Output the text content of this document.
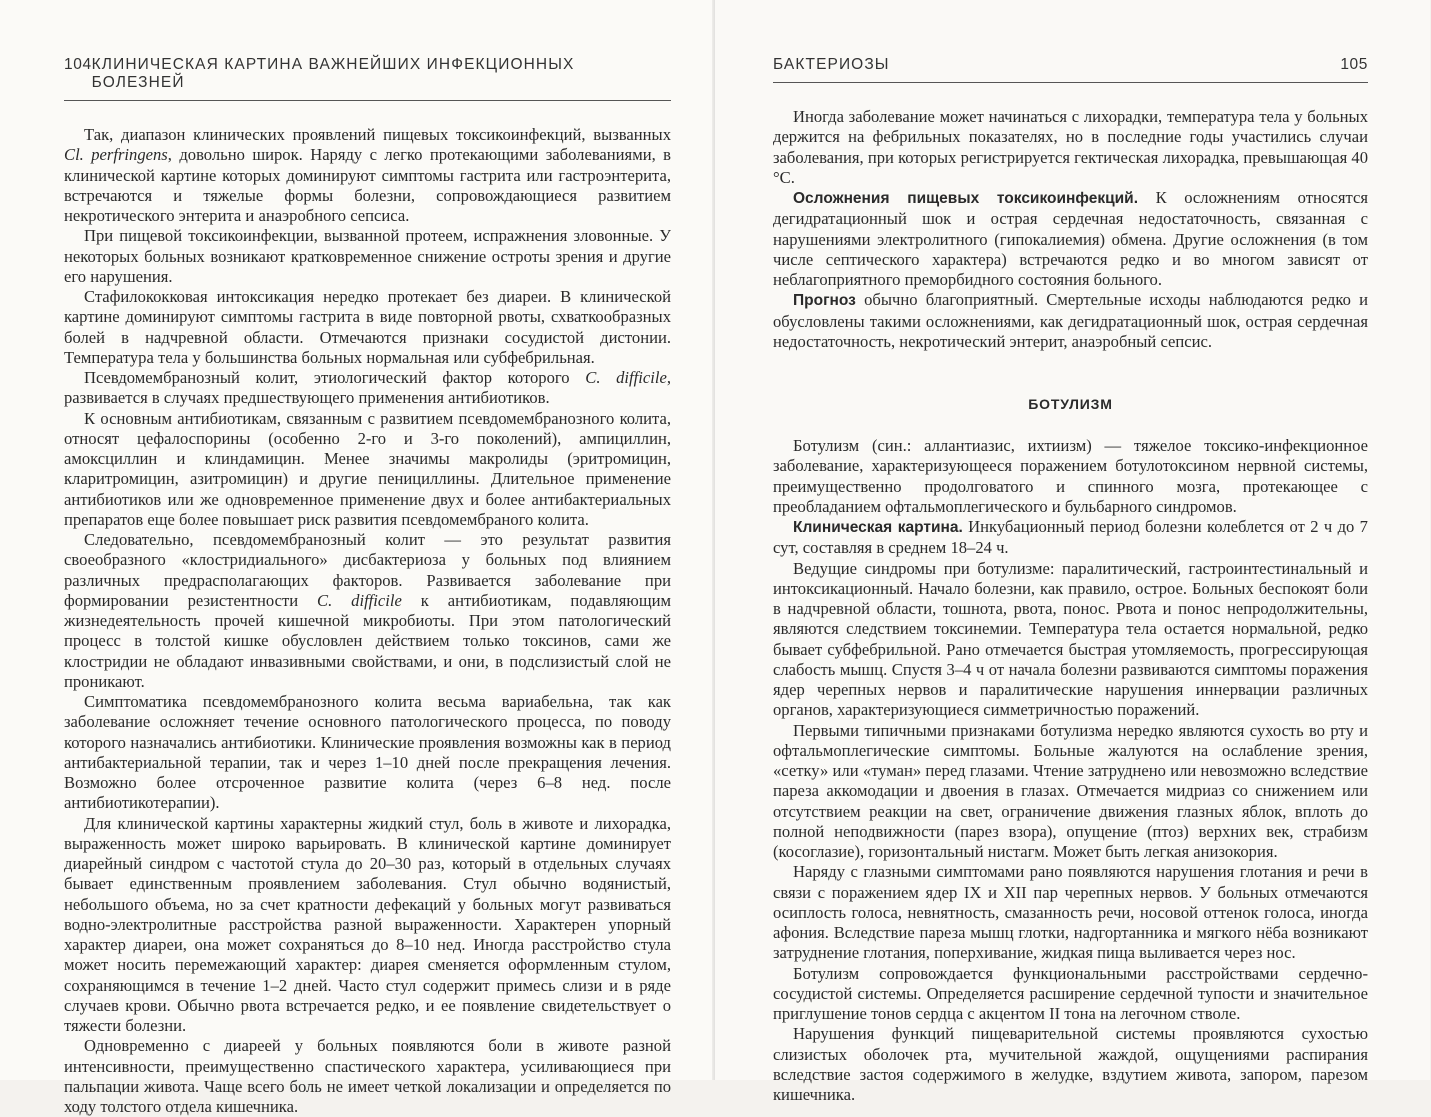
104 КЛИНИЧЕСКАЯ КАРТИНА ВАЖНЕЙШИХ ИНФЕКЦИОННЫХ БОЛЕЗНЕЙ

Так, диапазон клинических проявлений пищевых токсикоинфекций, вызванных Cl. perfringens, довольно широк. Наряду с легко протекающими заболеваниями, в клинической картине которых доминируют симптомы гастрита или гастроэнтерита, встречаются и тяжелые формы болезни, сопровождающиеся развитием некротического энтерита и анаэробного сепсиса.

При пищевой токсикоинфекции, вызванной протеем, испражнения зловонные. У некоторых больных возникают кратковременное снижение остроты зрения и другие его нарушения.

Стафилококковая интоксикация нередко протекает без диареи. В клинической картине доминируют симптомы гастрита в виде повторной рвоты, схваткообразных болей в надчревной области. Отмечаются признаки сосудистой дистонии. Температура тела у большинства больных нормальная или субфебрильная.

Псевдомембранозный колит, этиологический фактор которого C. difficile, развивается в случаях предшествующего применения антибиотиков.

К основным антибиотикам, связанным с развитием псевдомембранозного колита, относят цефалоспорины (особенно 2-го и 3-го поколений), ампициллин, амоксциллин и клиндамицин. Менее значимы макролиды (эритромицин, кларитромицин, азитромицин) и другие пенициллины. Длительное применение антибиотиков или же одновременное применение двух и более антибактериальных препаратов еще более повышает риск развития псевдомембраного колита.

Следовательно, псевдомембранозный колит — это результат развития своеобразного «клостридиального» дисбактериоза у больных под влиянием различных предрасполагающих факторов. Развивается заболевание при формировании резистентности C. difficile к антибиотикам, подавляющим жизнедеятельность прочей кишечной микробиоты. При этом патологический процесс в толстой кишке обусловлен действием только токсинов, сами же клостридии не обладают инвазивными свойствами, и они, в подслизистый слой не проникают.

Симптоматика псевдомембранозного колита весьма вариабельна, так как заболевание осложняет течение основного патологического процесса, по поводу которого назначались антибиотики. Клинические проявления возможны как в период антибактериальной терапии, так и через 1–10 дней после прекращения лечения. Возможно более отсроченное развитие колита (через 6–8 нед. после антибиотикотерапии).

Для клинической картины характерны жидкий стул, боль в животе и лихорадка, выраженность может широко варьировать. В клинической картине доминирует диарейный синдром с частотой стула до 20–30 раз, который в отдельных случаях бывает единственным проявлением заболевания. Стул обычно водянистый, небольшого объема, но за счет кратности дефекаций у больных могут развиваться водно-электролитные расстройства разной выраженности. Характерен упорный характер диареи, она может сохраняться до 8–10 нед. Иногда расстройство стула может носить перемежающий характер: диарея сменяется оформленным стулом, сохраняющимся в течение 1–2 дней. Часто стул содержит примесь слизи и в ряде случаев крови. Обычно рвота встречается редко, и ее появление свидетельствует о тяжести болезни.

Одновременно с диареей у больных появляются боли в животе разной интенсивности, преимущественно спастического характера, усиливающиеся при пальпации живота. Чаще всего боль не имеет четкой локализации и определяется по ходу толстого отдела кишечника.

БАКТЕРИОЗЫ	105

Иногда заболевание может начинаться с лихорадки, температура тела у больных держится на фебрильных показателях, но в последние годы участились случаи заболевания, при которых регистрируется гектическая лихорадка, превышающая 40 °C.

Осложнения пищевых токсикоинфекций. К осложнениям относятся дегидратационный шок и острая сердечная недостаточность, связанная с нарушениями электролитного (гипокалиемия) обмена. Другие осложнения (в том числе септического характера) встречаются редко и во многом зависят от неблагоприятного преморбидного состояния больного.

Прогноз обычно благоприятный. Смертельные исходы наблюдаются редко и обусловлены такими осложнениями, как дегидратационный шок, острая сердечная недостаточность, некротический энтерит, анаэробный сепсис.

БОТУЛИЗМ

Ботулизм (син.: аллантиазис, ихтиизм) — тяжелое токсико-инфекционное заболевание, характеризующееся поражением ботулотоксином нервной системы, преимущественно продолговатого и спинного мозга, протекающее с преобладанием офтальмоплегического и бульбарного синдромов.

Клиническая картина. Инкубационный период болезни колеблется от 2 ч до 7 сут, составляя в среднем 18–24 ч.

Ведущие синдромы при ботулизме: паралитический, гастроинтестинальный и интоксикационный. Начало болезни, как правило, острое. Больных беспокоят боли в надчревной области, тошнота, рвота, понос. Рвота и понос непродолжительны, являются следствием токсинемии. Температура тела остается нормальной, редко бывает субфебрильной. Рано отмечается быстрая утомляемость, прогрессирующая слабость мышц. Спустя 3–4 ч от начала болезни развиваются симптомы поражения ядер черепных нервов и паралитические нарушения иннервации различных органов, характеризующиеся симметричностью поражений.

Первыми типичными признаками ботулизма нередко являются сухость во рту и офтальмоплегические симптомы. Больные жалуются на ослабление зрения, «сетку» или «туман» перед глазами. Чтение затруднено или невозможно вследствие пареза аккомодации и двоения в глазах. Отмечается мидриаз со снижением или отсутствием реакции на свет, ограничение движения глазных яблок, вплоть до полной неподвижности (парез взора), опущение (птоз) верхних век, страбизм (косоглазие), горизонтальный нистагм. Может быть легкая анизокория.

Наряду с глазными симптомами рано появляются нарушения глотания и речи в связи с поражением ядер IX и XII пар черепных нервов. У больных отмечаются осиплость голоса, невнятность, смазанность речи, носовой оттенок голоса, иногда афония. Вследствие пареза мышц глотки, надгортанника и мягкого нёба возникают затруднение глотания, поперхивание, жидкая пища выливается через нос.

Ботулизм сопровождается функциональными расстройствами сердечно-сосудистой системы. Определяется расширение сердечной тупости и значительное приглушение тонов сердца с акцентом II тона на легочном стволе.

Нарушения функций пищеварительной системы проявляются сухостью слизистых оболочек рта, мучительной жаждой, ощущениями распирания вследствие застоя содержимого в желудке, вздутием живота, запором, парезом кишечника.
